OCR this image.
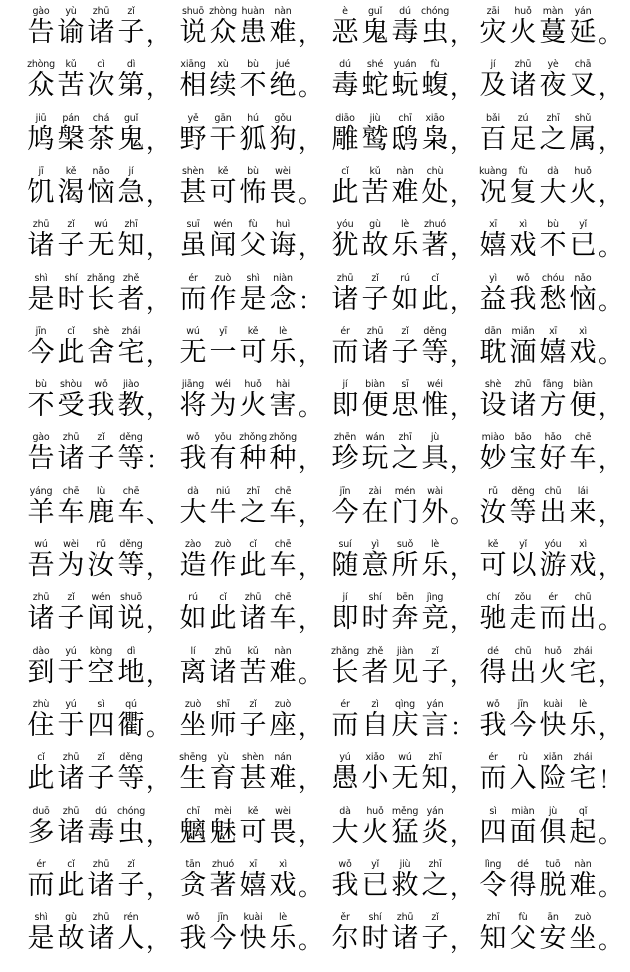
gào
告
yù
谕
zhū
诸
zǐ
子 ，
shuō
说
zhòng
众
huàn
患
nàn
难 ，
è
恶
guǐ
鬼
dú
毒
chóng
虫 ，
zāi
灾
huǒ
火
màn
蔓
yán
延 。
zhòng
众
kǔ
苦
cì
次
dì
第 ，
xiāng
相
xù
续
bù
不
jué
绝 。
dú
毒
shé
蛇
yuán
蚖
fù
蝮 ，
jí
及
zhū
诸
yè
夜
chā
叉 ，
jiū
鸠
pán
槃
chá
茶
guǐ
鬼 ，
yě
野
gān
干
hú
狐
gǒu
狗 ，
diāo
雕
jiù
鹫
chī
鸱
xiāo
枭 ，
bǎi
百
zú
足
zhī
之
shǔ
属 ，
jī
饥
kě
渴
nǎo
恼
jí
急 ，
shèn
甚
kě
可
bù
怖
wèi
畏 。
cǐ
此
kǔ
苦
nàn
难
chù
处 ，
kuàng
况
fù
复
dà
大
huǒ
火 ，
zhū
诸
zǐ
子
wú
无
zhī
知 ，
suī
虽
wén
闻
fù
父
huì
诲 ，
yóu
犹
gù
故
lè
乐
zhuó
著 ，
xī
嬉
xì
戏
bù
不
yǐ
已 。
shì
是
shí
时
zhǎng
长
zhě
者 ，
ér
而
zuò
作
shì
是
niàn
念 ：
zhū
诸
zǐ
子
rú
如
cǐ
此 ，
yì
益
wǒ
我
chóu
愁
nǎo
恼 。
jīn
今
cǐ
此
shè
舍
zhái
宅 ，
wú
无
yī
一
kě
可
lè
乐 ，
ér
而
zhū
诸
zǐ
子
děng
等 ，
dān
耽
miǎn
湎
xī
嬉
xì
戏 。
bù
不
shòu
受
wǒ
我
jiào
教 ，
jiāng
将
wéi
为
huǒ
火
hài
害 。
jí
即
biàn
便
sī
思
wéi
惟 ，
shè
设
zhū
诸
fāng
方
biàn
便 ，
gào
告
zhū
诸
zǐ
子
děng
等 ：
wǒ
我
yǒu
有
zhǒng
种
zhǒng
种 ，
zhēn
珍
wán
玩
zhī
之
jù
具 ，
miào
妙
bǎo
宝
hǎo
好
chē
车 ，
yáng
羊
chē
车
lù
鹿
chē
车 、
dà
大
niú
牛
zhī
之
chē
车 ，
jīn
今
zài
在
mén
门
wài
外 。
rǔ
汝
děng
等
chū
出
lái
来 ，
wú
吾
wèi
为
rǔ
汝
děng
等 ，
zào
造
zuò
作
cǐ
此
chē
车 ，
suí
随
yì
意
suǒ
所
lè
乐 ，
kě
可
yǐ
以
yóu
游
xì
戏 ，
zhū
诸
zǐ
子
wén
闻
shuō
说 ，
rú
如
cǐ
此
zhū
诸
chē
车 ，
jí
即
shí
时
bēn
奔
jìng
竞 ，
chí
驰
zǒu
走
ér
而
chū
出 。
dào
到
yú
于
kòng
空
dì
地 ，
lí
离
zhū
诸
kǔ
苦
nàn
难 。
zhǎng
长
zhě
者
jiàn
见
zǐ
子 ，
dé
得
chū
出
huǒ
火
zhái
宅 ，
zhù
住
yú
于
sì
四
qú
衢 。
zuò
坐
shī
师
zǐ
子
zuò
座 ，
ér
而
zì
自
qìng
庆
yán
言 ：
wǒ
我
jīn
今
kuài
快
lè
乐 ，
cǐ
此
zhū
诸
zǐ
子
děng
等 ，
shēng
生
yù
育
shèn
甚
nán
难 ，
yú
愚
xiǎo
小
wú
无
zhī
知 ，
ér
而
rù
入
xiǎn
险
zhái
宅 ！
duō
多
zhū
诸
dú
毒
chóng
虫 ，
chī
魑
mèi
魅
kě
可
wèi
畏 ，
dà
大
huǒ
火
měng
猛
yán
炎 ，
sì
四
miàn
面
jù
俱
qǐ
起 。
ér
而
cǐ
此
zhū
诸
zǐ
子 ，
tān
贪
zhuó
著
xī
嬉
xì
戏 。
wǒ
我
yǐ
已
jiù
救
zhī
之 ，
lìng
令
dé
得
tuō
脱
nàn
难 。
shì
是
gù
故
zhū
诸
rén
人 ，
wǒ
我
jīn
今
kuài
快
lè
乐 。
ěr
尔
shí
时
zhū
诸
zǐ
子 ，
zhī
知
fù
父
ān
安
zuò
坐 。
